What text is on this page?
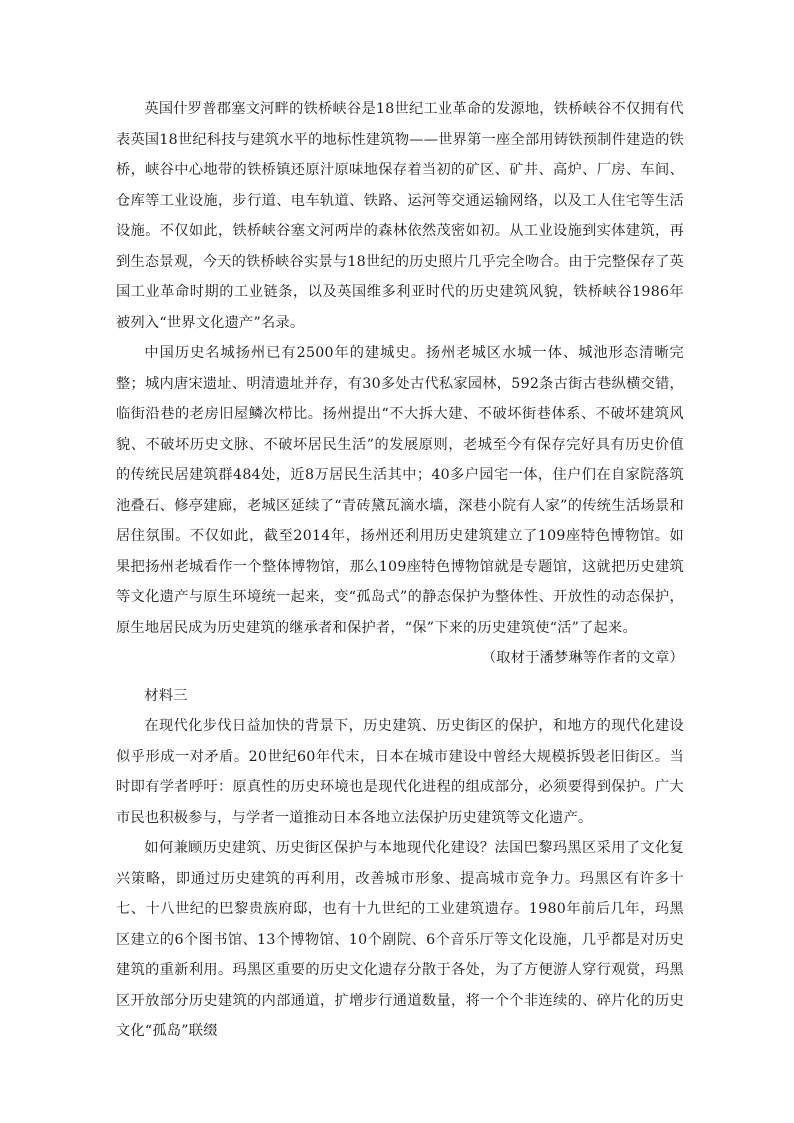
英国什罗普郡塞文河畔的铁桥峡谷是18世纪工业革命的发源地，铁桥峡谷不仅拥有代表英国18世纪科技与建筑水平的地标性建筑物——世界第一座全部用铸铁预制件建造的铁桥，峡谷中心地带的铁桥镇还原汁原味地保存着当初的矿区、矿井、高炉、厂房、车间、仓库等工业设施，步行道、电车轨道、铁路、运河等交通运输网络，以及工人住宅等生活设施。不仅如此，铁桥峡谷塞文河两岸的森林依然茂密如初。从工业设施到实体建筑，再到生态景观，今天的铁桥峡谷实景与18世纪的历史照片几乎完全吻合。由于完整保存了英国工业革命时期的工业链条，以及英国维多利亚时代的历史建筑风貌，铁桥峡谷1986年被列入“世界文化遗产”名录。

中国历史名城扬州已有2500年的建城史。扬州老城区水城一体、城池形态清晰完整；城内唐宋遗址、明清遗址并存，有30多处古代私家园林，592条古街古巷纵横交错，临街沿巷的老房旧屋鳞次栉比。扬州提出“不大拆大建、不破坏街巷体系、不破坏建筑风貌、不破坏历史文脉、不破坏居民生活”的发展原则，老城至今有保存完好具有历史价值的传统民居建筑群484处，近8万居民生活其中；40多户园宅一体，住户们在自家院落筑池叠石、修亭建廊，老城区延续了“青砖黛瓦滴水墙，深巷小院有人家”的传统生活场景和居住氛围。不仅如此，截至2014年，扬州还利用历史建筑建立了109座特色博物馆。如果把扬州老城看作一个整体博物馆，那么109座特色博物馆就是专题馆，这就把历史建筑等文化遗产与原生环境统一起来，变“孤岛式”的静态保护为整体性、开放性的动态保护，原生地居民成为历史建筑的继承者和保护者，“保”下来的历史建筑使“活”了起来。

（取材于潘梦琳等作者的文章）

材料三

在现代化步伐日益加快的背景下，历史建筑、历史街区的保护，和地方的现代化建设似乎形成一对矛盾。20世纪60年代末，日本在城市建设中曾经大规模拆毁老旧街区。当时即有学者呼吁：原真性的历史环境也是现代化进程的组成部分，必须要得到保护。广大市民也积极参与，与学者一道推动日本各地立法保护历史建筑等文化遗产。

如何兼顾历史建筑、历史街区保护与本地现代化建设？法国巴黎玛黑区采用了文化复兴策略，即通过历史建筑的再利用，改善城市形象、提高城市竞争力。玛黑区有许多十七、十八世纪的巴黎贵族府邸，也有十九世纪的工业建筑遗存。1980年前后几年，玛黑区建立的6个图书馆、13个博物馆、10个剧院、6个音乐厅等文化设施，几乎都是对历史建筑的重新利用。玛黑区重要的历史文化遗存分散于各处，为了方便游人穿行观赏，玛黑区开放部分历史建筑的内部通道，扩增步行通道数量，将一个个非连续的、碎片化的历史文化“孤岛”联缀
